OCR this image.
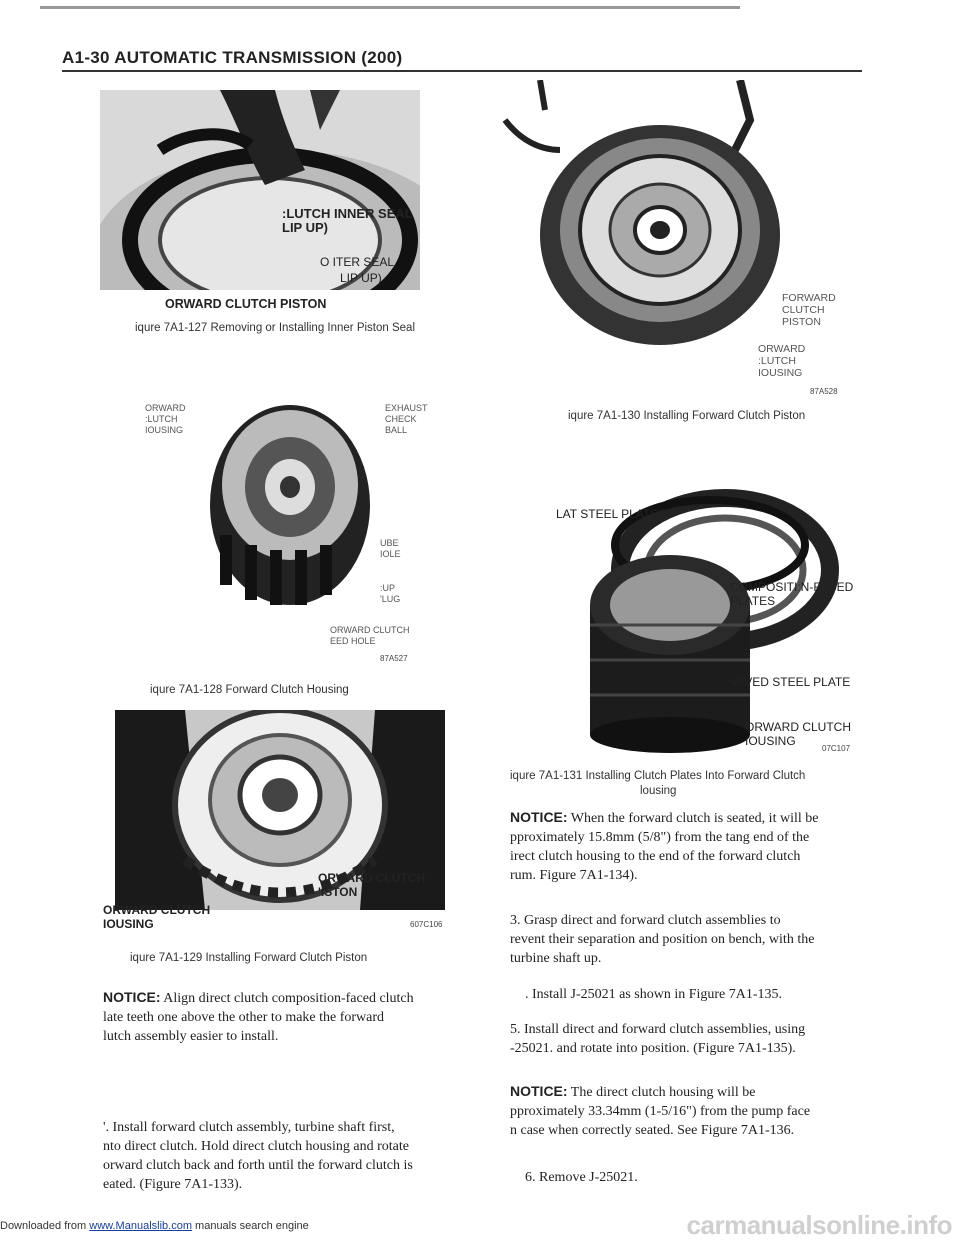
A1-30 AUTOMATIC TRANSMISSION (200)
:LUTCH INNER SEAL
LIP UP)
O ITER SEAL
LIP UP)
ORWARD CLUTCH PISTON
iqure 7A1-127 Removing or Installing Inner Piston Seal
ORWARD
:LUTCH
IOUSING
EXHAUST
CHECK
BALL
UBE
IOLE
:UP
'LUG
ORWARD CLUTCH
EED HOLE
87A527
iqure 7A1-128 Forward Clutch Housing
ORWARD CLUTCH
'ISTON
ORWARD CLUTCH
IOUSING	607C106
iqure 7A1-129 Installing Forward Clutch Piston
NOTICE: Align direct clutch composition-faced clutch
late teeth one above the other to make the forward
lutch assembly easier to install.
'. Install forward clutch assembly, turbine shaft first,
nto direct clutch. Hold direct clutch housing and rotate
orward clutch back and forth until the forward clutch is
eated. (Figure 7A1-133).
FORWARD
CLUTCH
PISTON
ORWARD
:LUTCH
IOUSING
87A528
iqure 7A1-130 Installing Forward Clutch Piston
LAT STEEL PLATES
COMPOSITI:N-FACED
PLATES
VAVED STEEL PLATE
ORWARD CLUTCH
IOUSING
07C107
iqure 7A1-131 Installing Clutch Plates Into Forward Clutch
lousing
NOTICE: When the forward clutch is seated, it will be
pproximately 15.8mm (5/8") from the tang end of the
irect clutch housing to the end of the forward clutch
rum. Figure 7A1-134).
3. Grasp direct and forward clutch assemblies to
revent their separation and position on bench, with the
turbine shaft up.
. Install J-25021 as shown in Figure 7A1-135.
5. Install direct and forward clutch assemblies, using
-25021. and rotate into position. (Figure 7A1-135).
NOTICE: The direct clutch housing will be
pproximately 33.34mm (1-5/16") from the pump face
n case when correctly seated. See Figure 7A1-136.
6. Remove J-25021.
Downloaded from www.Manualslib.com manuals search engine	carmanualsonline.info
